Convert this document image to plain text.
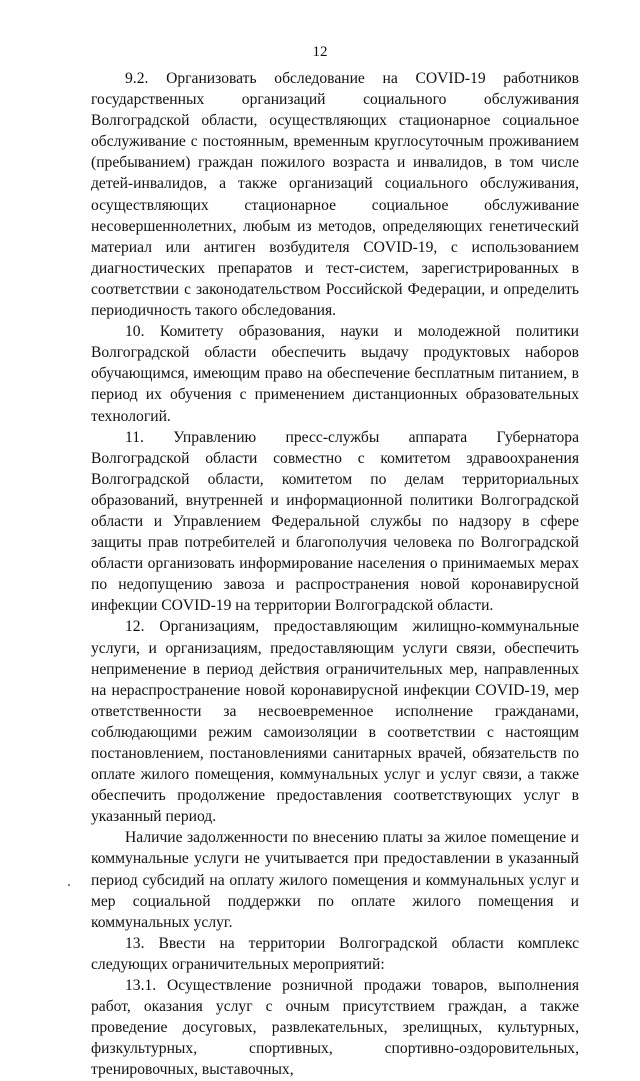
12

9.2. Организовать обследование на COVID-19 работников государственных организаций социального обслуживания Волгоградской области, осуществляющих стационарное социальное обслуживание с постоянным, временным круглосуточным проживанием (пребыванием) граждан пожилого возраста и инвалидов, в том числе детей-инвалидов, а также организаций социального обслуживания, осуществляющих стационарное социальное обслуживание несовершеннолетних, любым из методов, определяющих генетический материал или антиген возбудителя COVID-19, с использованием диагностических препаратов и тест-систем, зарегистрированных в соответствии с законодательством Российской Федерации, и определить периодичность такого обследования.

10. Комитету образования, науки и молодежной политики Волгоградской области обеспечить выдачу продуктовых наборов обучающимся, имеющим право на обеспечение бесплатным питанием, в период их обучения с применением дистанционных образовательных технологий.

11. Управлению пресс-службы аппарата Губернатора Волгоградской области совместно с комитетом здравоохранения Волгоградской области, комитетом по делам территориальных образований, внутренней и информационной политики Волгоградской области и Управлением Федеральной службы по надзору в сфере защиты прав потребителей и благополучия человека по Волгоградской области организовать информирование населения о принимаемых мерах по недопущению завоза и распространения новой коронавирусной инфекции COVID-19 на территории Волгоградской области.

12. Организациям, предоставляющим жилищно-коммунальные услуги, и организациям, предоставляющим услуги связи, обеспечить неприменение в период действия ограничительных мер, направленных на нераспространение новой коронавирусной инфекции COVID-19, мер ответственности за несвоевременное исполнение гражданами, соблюдающими режим самоизоляции в соответствии с настоящим постановлением, постановлениями санитарных врачей, обязательств по оплате жилого помещения, коммунальных услуг и услуг связи, а также обеспечить продолжение предоставления соответствующих услуг в указанный период.

Наличие задолженности по внесению платы за жилое помещение и коммунальные услуги не учитывается при предоставлении в указанный период субсидий на оплату жилого помещения и коммунальных услуг и мер социальной поддержки по оплате жилого помещения и коммунальных услуг.

13. Ввести на территории Волгоградской области комплекс следующих ограничительных мероприятий:

13.1. Осуществление розничной продажи товаров, выполнения работ, оказания услуг с очным присутствием граждан, а также проведение досуговых, развлекательных, зрелищных, культурных, физкультурных, спортивных, спортивно-оздоровительных, тренировочных, выставочных,
